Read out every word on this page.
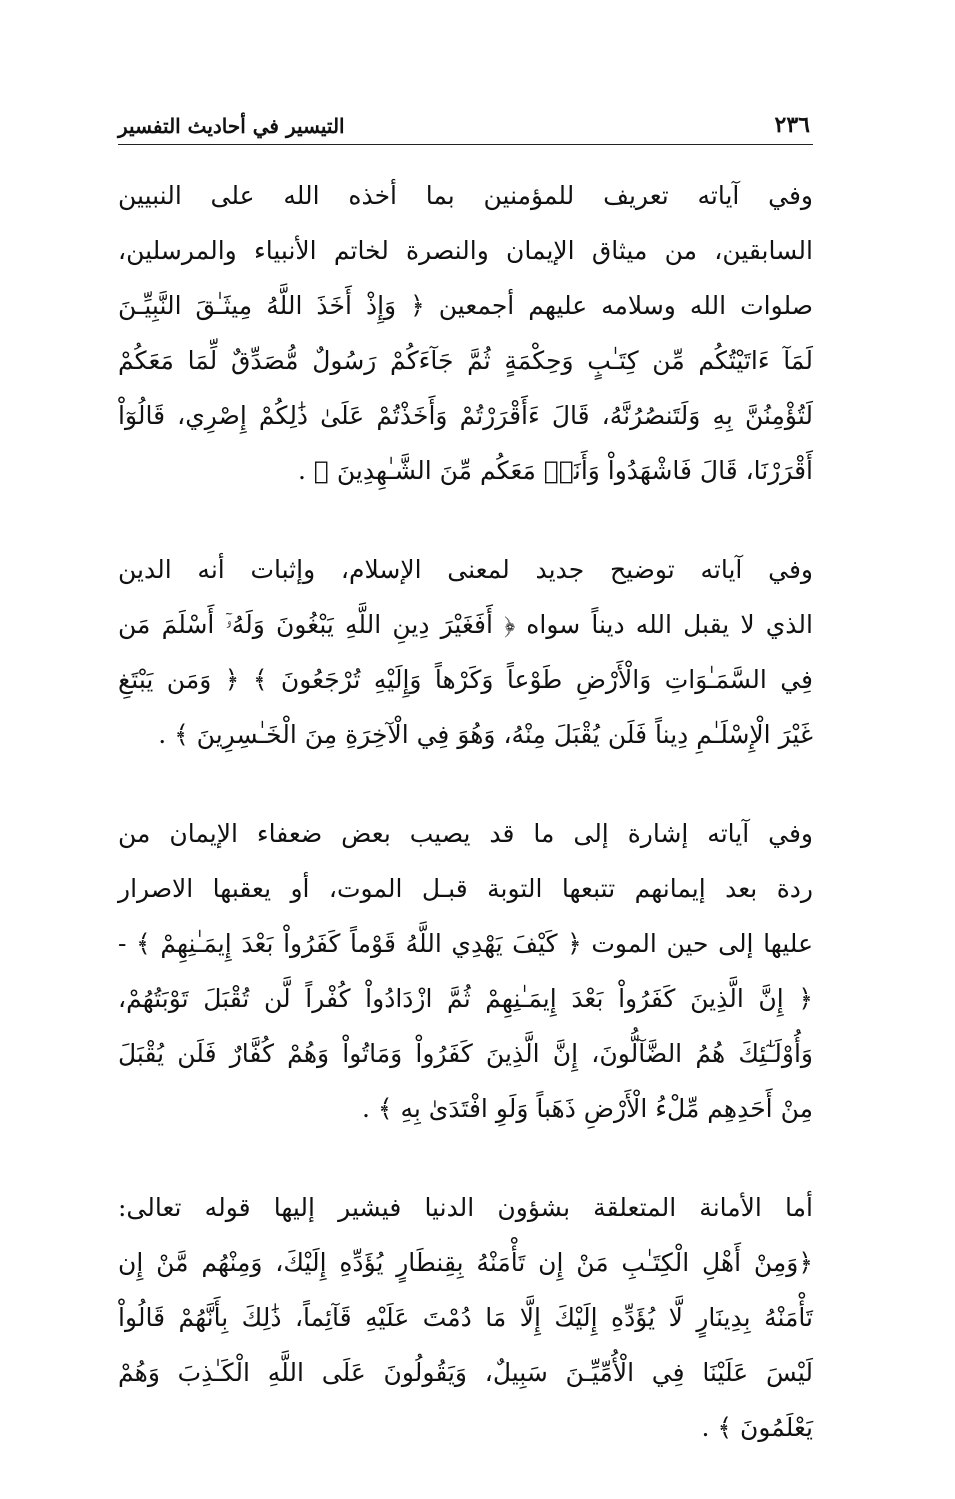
٢٣٦
التيسير في أحاديث التفسير

وفي آياته تعريف للمؤمنين بما أخذه الله على النبيين
السابقين، من ميثاق الإيمان والنصرة لخاتم الأنبياء والمرسلين،
صلوات الله وسلامه عليهم أجمعين ﴿ وَإِذْ أَخَذَ اللَّهُ مِيثَـٰقَ النَّبِيِّـنَ
لَمَآ ءَاتَيْتُكُم مِّن كِتَـٰبٍ وَحِكْمَةٍ ثُمَّ جَآءَكُمْ رَسُولٌ مُّصَدِّقٌ لِّمَا مَعَكُمْ
لَتُؤْمِنُنَّ بِهِ وَلَتَنصُرُنَّهُ، قَالَ ءَأَقْرَرْتُمْ وَأَخَذْتُمْ عَلَىٰ ذَٰلِكُمْ إِصْرِي، قَالُوٓاْ
أَقْرَرْنَا، قَالَ فَاشْهَدُواْ وَأَنَا۠ مَعَكُم مِّنَ الشَّـٰهِدِينَ ﴾ .

وفي آياته توضيح جديد لمعنى الإسلام، وإثبات أنه الدين
الذي لا يقبل الله ديناً سواه ﴿ أَفَغَيْرَ دِينِ اللَّهِ يَبْغُونَ وَلَهُۥٓ أَسْلَمَ مَن
فِي السَّمَـٰوَاتِ وَالْأَرْضِ طَوْعاً وَكَرْهاً وَإِلَيْهِ تُرْجَعُونَ ﴾ ﴿ وَمَن يَبْتَغِ
غَيْرَ الْإِسْلَـٰمِ دِيناً فَلَن يُقْبَلَ مِنْهُ، وَهُوَ فِي الْآخِرَةِ مِنَ الْخَـٰسِرِينَ ﴾ .

وفي آياته إشارة إلى ما قد يصيب بعض ضعفاء الإيمان من
ردة بعد إيمانهم تتبعها التوبة قبـل الموت، أو يعقبها الاصرار
عليها إلى حين الموت ﴿ كَيْفَ يَهْدِي اللَّهُ قَوْماً كَفَرُواْ بَعْدَ إِيمَـٰنِهِمْ ﴾ -
﴿ إِنَّ الَّذِينَ كَفَرُواْ بَعْدَ إِيمَـٰنِهِمْ ثُمَّ ازْدَادُواْ كُفْراً لَّن تُقْبَلَ تَوْبَتُهُمْ،
وَأُوْلَـٰٓئِكَ هُمُ الضَّآلُّونَ، إِنَّ الَّذِينَ كَفَرُواْ وَمَاتُواْ وَهُمْ كُفَّارٌ فَلَن يُقْبَلَ
مِنْ أَحَدِهِم مِّلْءُ الْأَرْضِ ذَهَباً وَلَوِ افْتَدَىٰ بِهِ ﴾ .

أما الأمانة المتعلقة بشؤون الدنيا فيشير إليها قوله تعالى:
﴿وَمِنْ أَهْلِ الْكِتَـٰبِ مَنْ إِن تَأْمَنْهُ بِقِنطَارٍ يُؤَدِّهِ إِلَيْكَ، وَمِنْهُم مَّنْ إِن
تَأْمَنْهُ بِدِينَارٍ لَّا يُؤَدِّهِ إِلَيْكَ إِلَّا مَا دُمْتَ عَلَيْهِ قَآئِماً، ذَٰلِكَ بِأَنَّهُمْ قَالُواْ
لَيْسَ عَلَيْنَا فِي الْأُمِّيِّـنَ سَبِيلٌ، وَيَقُولُونَ عَلَى اللَّهِ الْكَـٰذِبَ وَهُمْ
يَعْلَمُونَ ﴾ .
